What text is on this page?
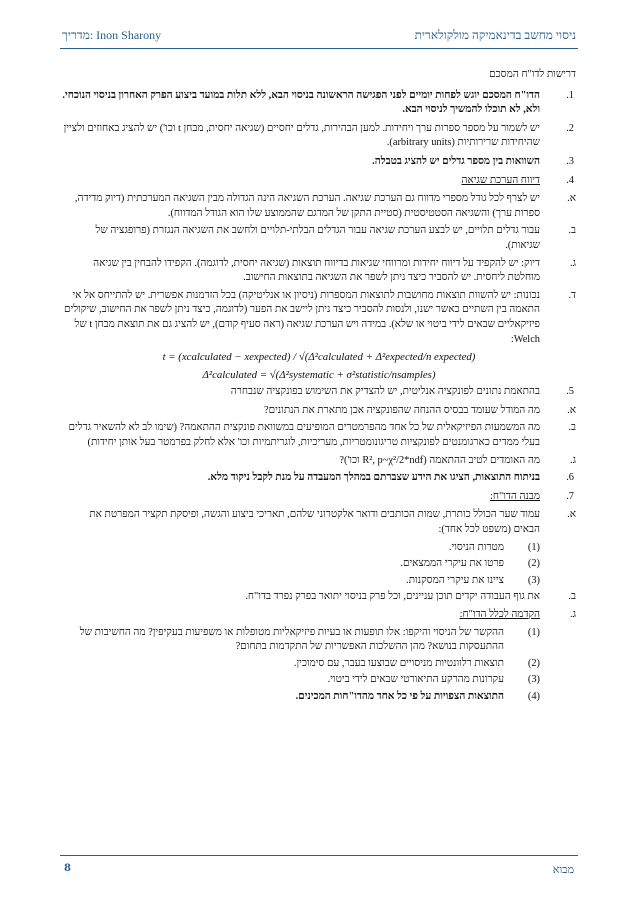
Inon Sharony :מדריך	ניסוי מחשב בדינאמיקה מולקולארית
דרישות לדו"ח המסכם
1.
הדו"ח המסכם יוגש לפחות יומיים לפני הפגישה הראשונה בניסוי הבא, ללא תלות במועד ביצוע הפרק האחרון בניסוי הנוכחי. ולא, לא תוכלו להמשיך לניסוי הבא.
2.
יש לשמור על מספר ספרות ערך ויחידות. למען הבהירות, גדלים יחסיים (שגיאה יחסית, מבחן t וכו') יש להציג באחוזים ולציין שהיחידות שרירותיות (arbitrary units).
3.
השוואות בין מספר גדלים יש להציג בטבלה.
4.
דיווח הערכת שגיאה
א.
יש לצרף לכל גודל מספרי מדווח גם הערכת שגיאה. הערכת השגיאה הינה הגדולה מבין השגיאה המערכתית (דיוק מדידה, ספרות ערך) והשגיאה הסטטיסטית (סטיית התקן של המדגם שהממוצע שלו הוא הגודל המדווח).
ב.
עבור גדלים תלויים, יש לבצע הערכת שגיאה עבור הגדלים הבלתי-תלויים ולחשב את השגיאה הנגזרת (פרופגציה של שגיאות).
ג.
דיוק: יש להקפיד על דיווח יחידות ומרווחי שגיאות בדיווח תוצאות (שגיאה יחסית, לדוגמה). הקפידו להבחין בין שגיאה מוחלטת ליחסית. יש להסביר כיצד ניתן לשפר את השגיאה בתוצאות החישוב.
ד.
נכונות: יש להשוות תוצאות מחושבות לתוצאות המספרות (ניסיון או אנליטיקה) בכל הזדמנות אפשרית. יש להתייחס אל אי התאמה בין השתיים כאשר ישנו, ולנסות להסביר כיצד ניתן ליישב את הפער (לדוגמה, כיצד ניתן לשפר את החישוב, שיקולים פיזיקאליים שבאים לידי ביטוי או שלא). במידה ויש הערכת שגיאה (ראה סעיף קודם), יש להציג גם את תוצאת מבחן t של Welch:
t = (xcalculated − xexpected) / √(Δ²calculated + Δ²expected/n expected)
Δ²calculated = √(Δ²systematic + σ²statistic/nsamples)
5.
בהתאמת נתונים לפונקציה אנליטית, יש להצדיק את השימוש בפונקציה שנבחרה
א.
מה המודל שעומד בבסיס ההנחה שהפונקציה אכן מתארת את הנתונים?
ב.
מה המשמעות הפיזיקאלית של כל אחד מהפרמטרים המופיעים במשוואת פונקצית ההתאמה? (שימו לב לא להשאיר גדלים בעלי ממדים כארגומנטים לפונקציות טריגונומטריות, מעריכיות, לוגריתמיות וכו' אלא לחלק בפרמטר בעל אותן יחידות)
ג.
מה האומדים לטיב ההתאמה (R², p~χ²/2*ndf וכו')?
6.
בניתוח התוצאות, הציגו את הידע שצברתם במהלך המעבדה על מנת לקבל ניקוד מלא.
7.
מבנה הדו"ח:
א.
עמוד שער הכולל כותרת, שמות הכותבים ודואר אלקטרוני שלהם, תאריכי ביצוע והגשה, ופיסקת תקציר המפרטת את הבאים (משפט לכל אחד):
(1)
מטרות הניסוי.
(2)
פרטו את עיקרי הממצאים.
(3)
ציינו את עיקרי המסקנות.
ב.
את גוף העבודה יקדים תוכן עניינים, וכל פרק בניסוי יתואר בפרק נפרד בדו"ח.
ג.
הקדמה לכלל הדו"ח:
(1)
ההקשר של הניסוי והיקפו: אלו תופעות או בעיות פיזיקאליות מטופלות או משפיעות בעקיפין? מה החשיבות של ההתעסקות בנושא? מהן ההשלכות האפשריות של התקדמות בתחום?
(2)
תוצאות רלוונטיות מניסויים שבוצעו בעבר, עם סימוכין.
(3)
עקרונות מהרקע התיאורטי שבאים לידי ביטוי.
(4)
התוצאות הצפויות על פי כל אחד מהדו"חות המכינים.
8	מבוא
